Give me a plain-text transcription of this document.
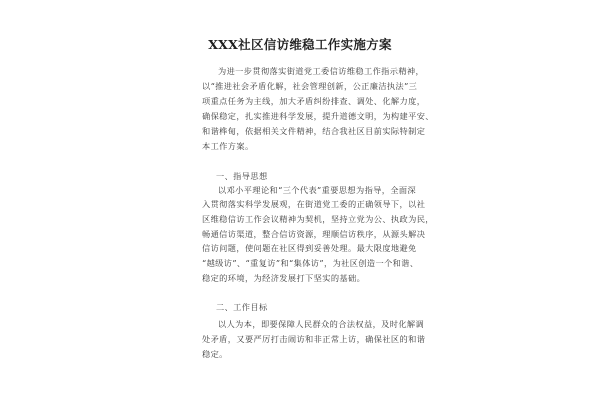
XXX社区信访维稳工作实施方案
为进一步贯彻落实街道党工委信访维稳工作指示精神，
以“推进社会矛盾化解，社会管理创新，公正廉洁执法”三
项重点任务为主线，加大矛盾纠纷排查、调处、化解力度，
确保稳定，扎实推进科学发展，提升道德文明，为构建平安、
和谐桦甸，依据相关文件精神，结合我社区目前实际特制定
本工作方案。
一、指导思想
以邓小平理论和“三个代表”重要思想为指导，全面深
入贯彻落实科学发展观，在街道党工委的正确领导下，以社
区维稳信访工作会议精神为契机，坚持立党为公、执政为民，
畅通信访渠道，整合信访资源，理顺信访秩序，从源头解决
信访问题，使问题在社区得到妥善处理。最大限度地避免
“越级访”、“重复访”和“集体访”，为社区创造一个和谐、
稳定的环境，为经济发展打下坚实的基础。
二、工作目标
以人为本，即要保障人民群众的合法权益，及时化解调
处矛盾，又要严厉打击闹访和非正常上访，确保社区的和谐
稳定。
